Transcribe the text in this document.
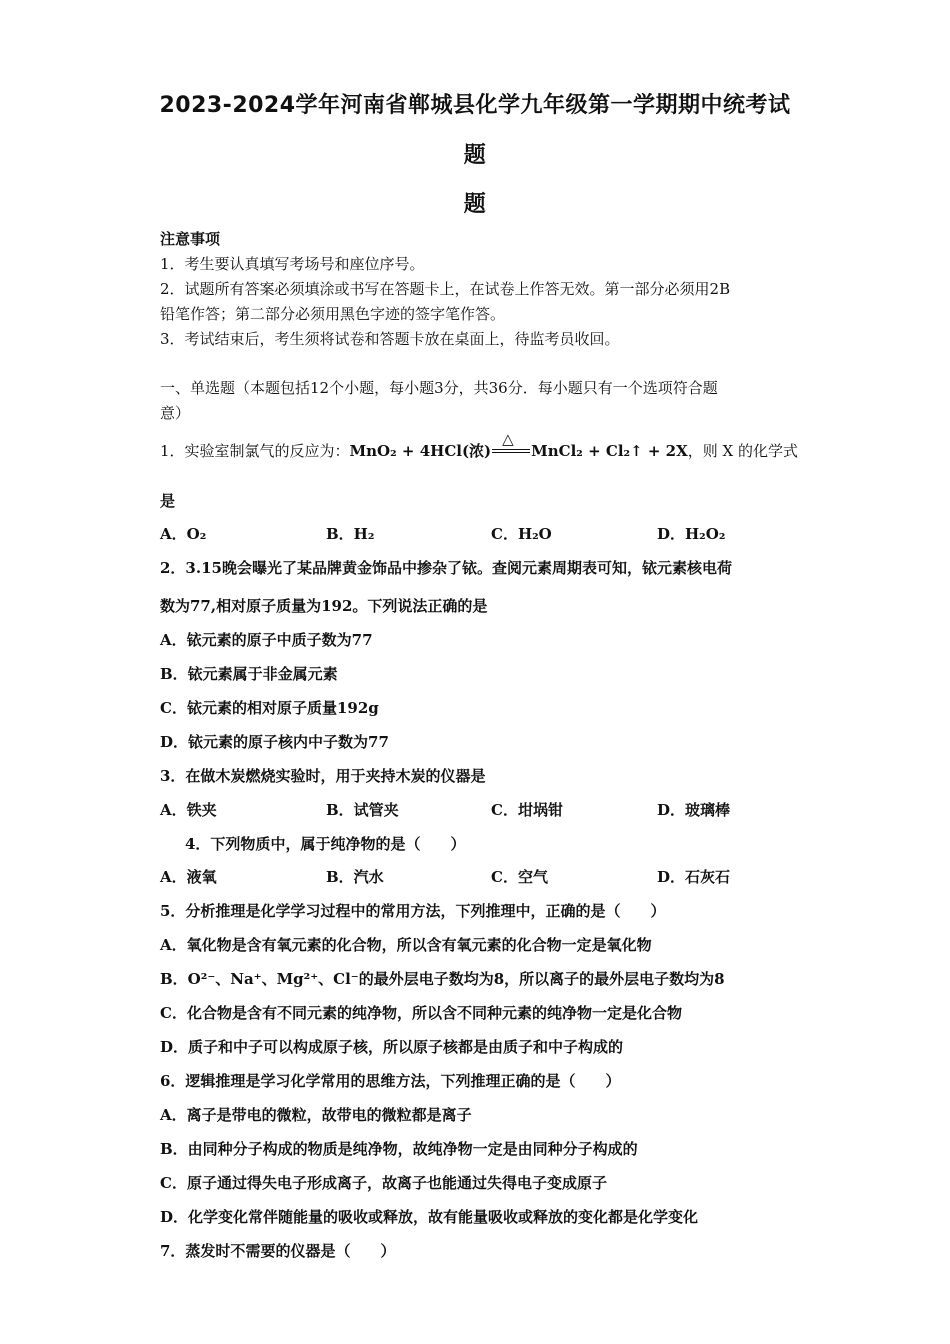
2023-2024学年河南省郸城县化学九年级第一学期期中统考试
题
题
注意事项
1．考生要认真填写考场号和座位序号。
2．试题所有答案必须填涂或书写在答题卡上，在试卷上作答无效。第一部分必须用2B
铅笔作答；第二部分必须用黑色字迹的签字笔作答。
3．考试结束后，考生须将试卷和答题卡放在桌面上，待监考员收回。
一、单选题（本题包括12个小题，每小题3分，共36分．每小题只有一个选项符合题
意）
1．实验室制氯气的反应为：MnO₂ + 4HCl(浓)
△
MnCl₂ + Cl₂↑ + 2X，则 X 的化学式
是
A．O₂	B．H₂	C．H₂O	D．H₂O₂
2．3.15晚会曝光了某品牌黄金饰品中掺杂了铱。查阅元素周期表可知，铱元素核电荷
数为77,相对原子质量为192。下列说法正确的是
A．铱元素的原子中质子数为77
B．铱元素属于非金属元素
C．铱元素的相对原子质量192g
D．铱元素的原子核内中子数为77
3．在做木炭燃烧实验时，用于夹持木炭的仪器是
A．铁夹	B．试管夹	C．坩埚钳	D．玻璃棒
4．下列物质中，属于纯净物的是（　　）
A．液氧	B．汽水	C．空气	D．石灰石
5．分析推理是化学学习过程中的常用方法，下列推理中，正确的是（　　）
A．氧化物是含有氧元素的化合物，所以含有氧元素的化合物一定是氧化物
B．O²⁻、Na⁺、Mg²⁺、Cl⁻的最外层电子数均为8，所以离子的最外层电子数均为8
C．化合物是含有不同元素的纯净物，所以含不同种元素的纯净物一定是化合物
D．质子和中子可以构成原子核，所以原子核都是由质子和中子构成的
6．逻辑推理是学习化学常用的思维方法，下列推理正确的是（　　）
A．离子是带电的微粒，故带电的微粒都是离子
B．由同种分子构成的物质是纯净物，故纯净物一定是由同种分子构成的
C．原子通过得失电子形成离子，故离子也能通过失得电子变成原子
D．化学变化常伴随能量的吸收或释放，故有能量吸收或释放的变化都是化学变化
7．蒸发时不需要的仪器是（　　）
